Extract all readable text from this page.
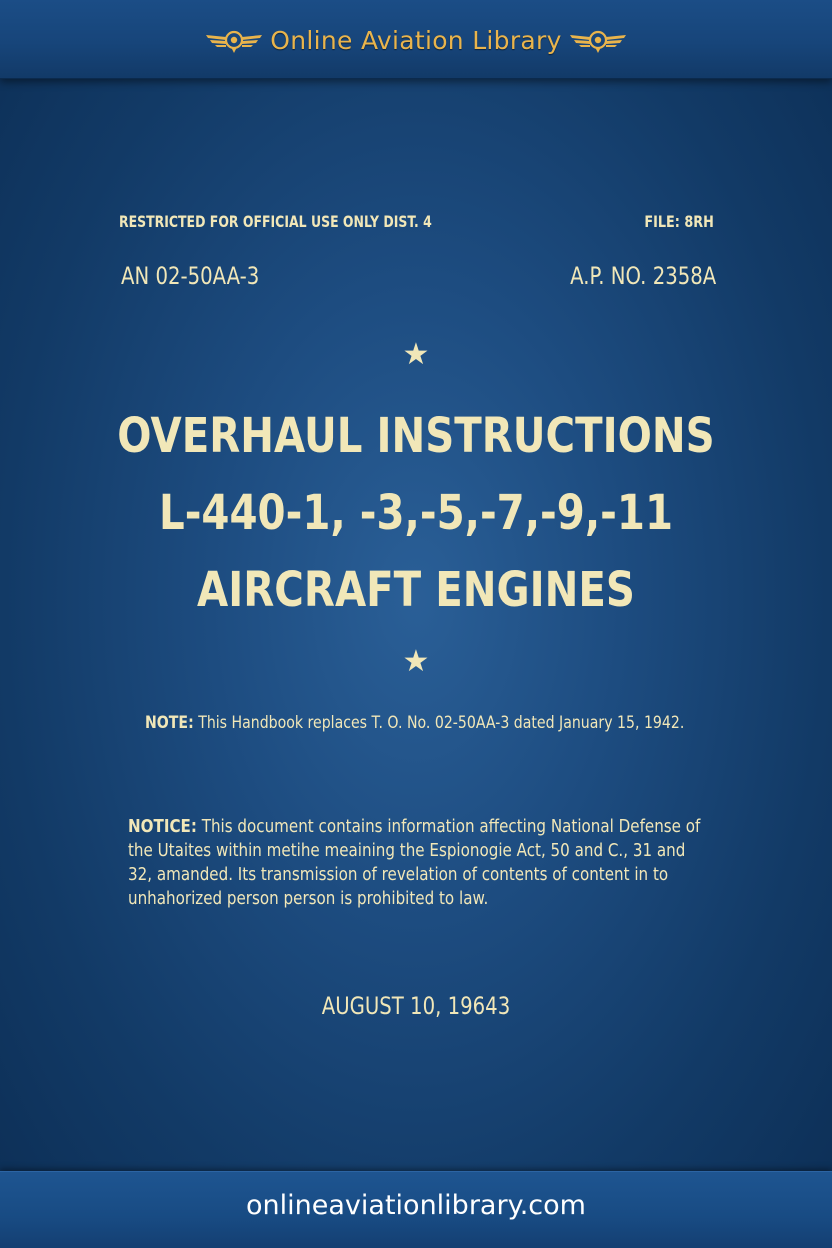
Online Aviation Library
RESTRICTED FOR OFFICIAL USE ONLY DIST. 4	FILE: 8RH
AN 02-50AA-3	A.P. NO. 2358A
★
OVERHAUL INSTRUCTIONS
L-440-1, -3,-5,-7,-9,-11
AIRCRAFT ENGINES
★
NOTE: This Handbook replaces T. O. No. 02-50AA-3 dated January 15, 1942.
NOTICE: This document contains information affecting National Defense of
the Utaites within metihe meaining the Espionogie Act, 50 and C., 31 and
32, amanded. Its transmission of revelation of contents of content in to
unhahorized person person is prohibited to law.
AUGUST 10, 19643
onlineaviationlibrary.com
